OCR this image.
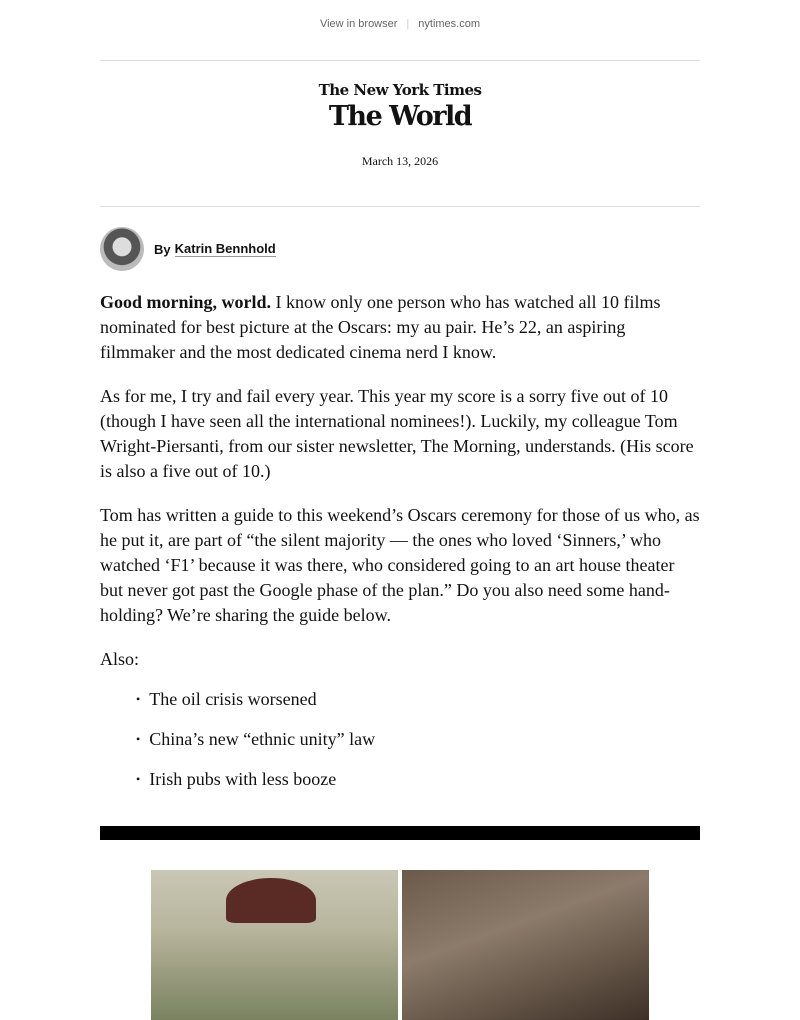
View in browser | nytimes.com
The New York Times
The World
March 13, 2026
By Katrin Bennhold

Good morning, world. I know only one person who has watched all 10 films nominated for best picture at the Oscars: my au pair. He’s 22, an aspiring filmmaker and the most dedicated cinema nerd I know.

As for me, I try and fail every year. This year my score is a sorry five out of 10 (though I have seen all the international nominees!). Luckily, my colleague Tom Wright-Piersanti, from our sister newsletter, The Morning, understands. (His score is also a five out of 10.)

Tom has written a guide to this weekend’s Oscars ceremony for those of us who, as he put it, are part of “the silent majority — the ones who loved ‘Sinners,’ who watched ‘F1’ because it was there, who considered going to an art house theater but never got past the Google phase of the plan.” Do you also need some hand-holding? We’re sharing the guide below.

Also:

• The oil crisis worsened
• China’s new “ethnic unity” law
• Irish pubs with less booze
